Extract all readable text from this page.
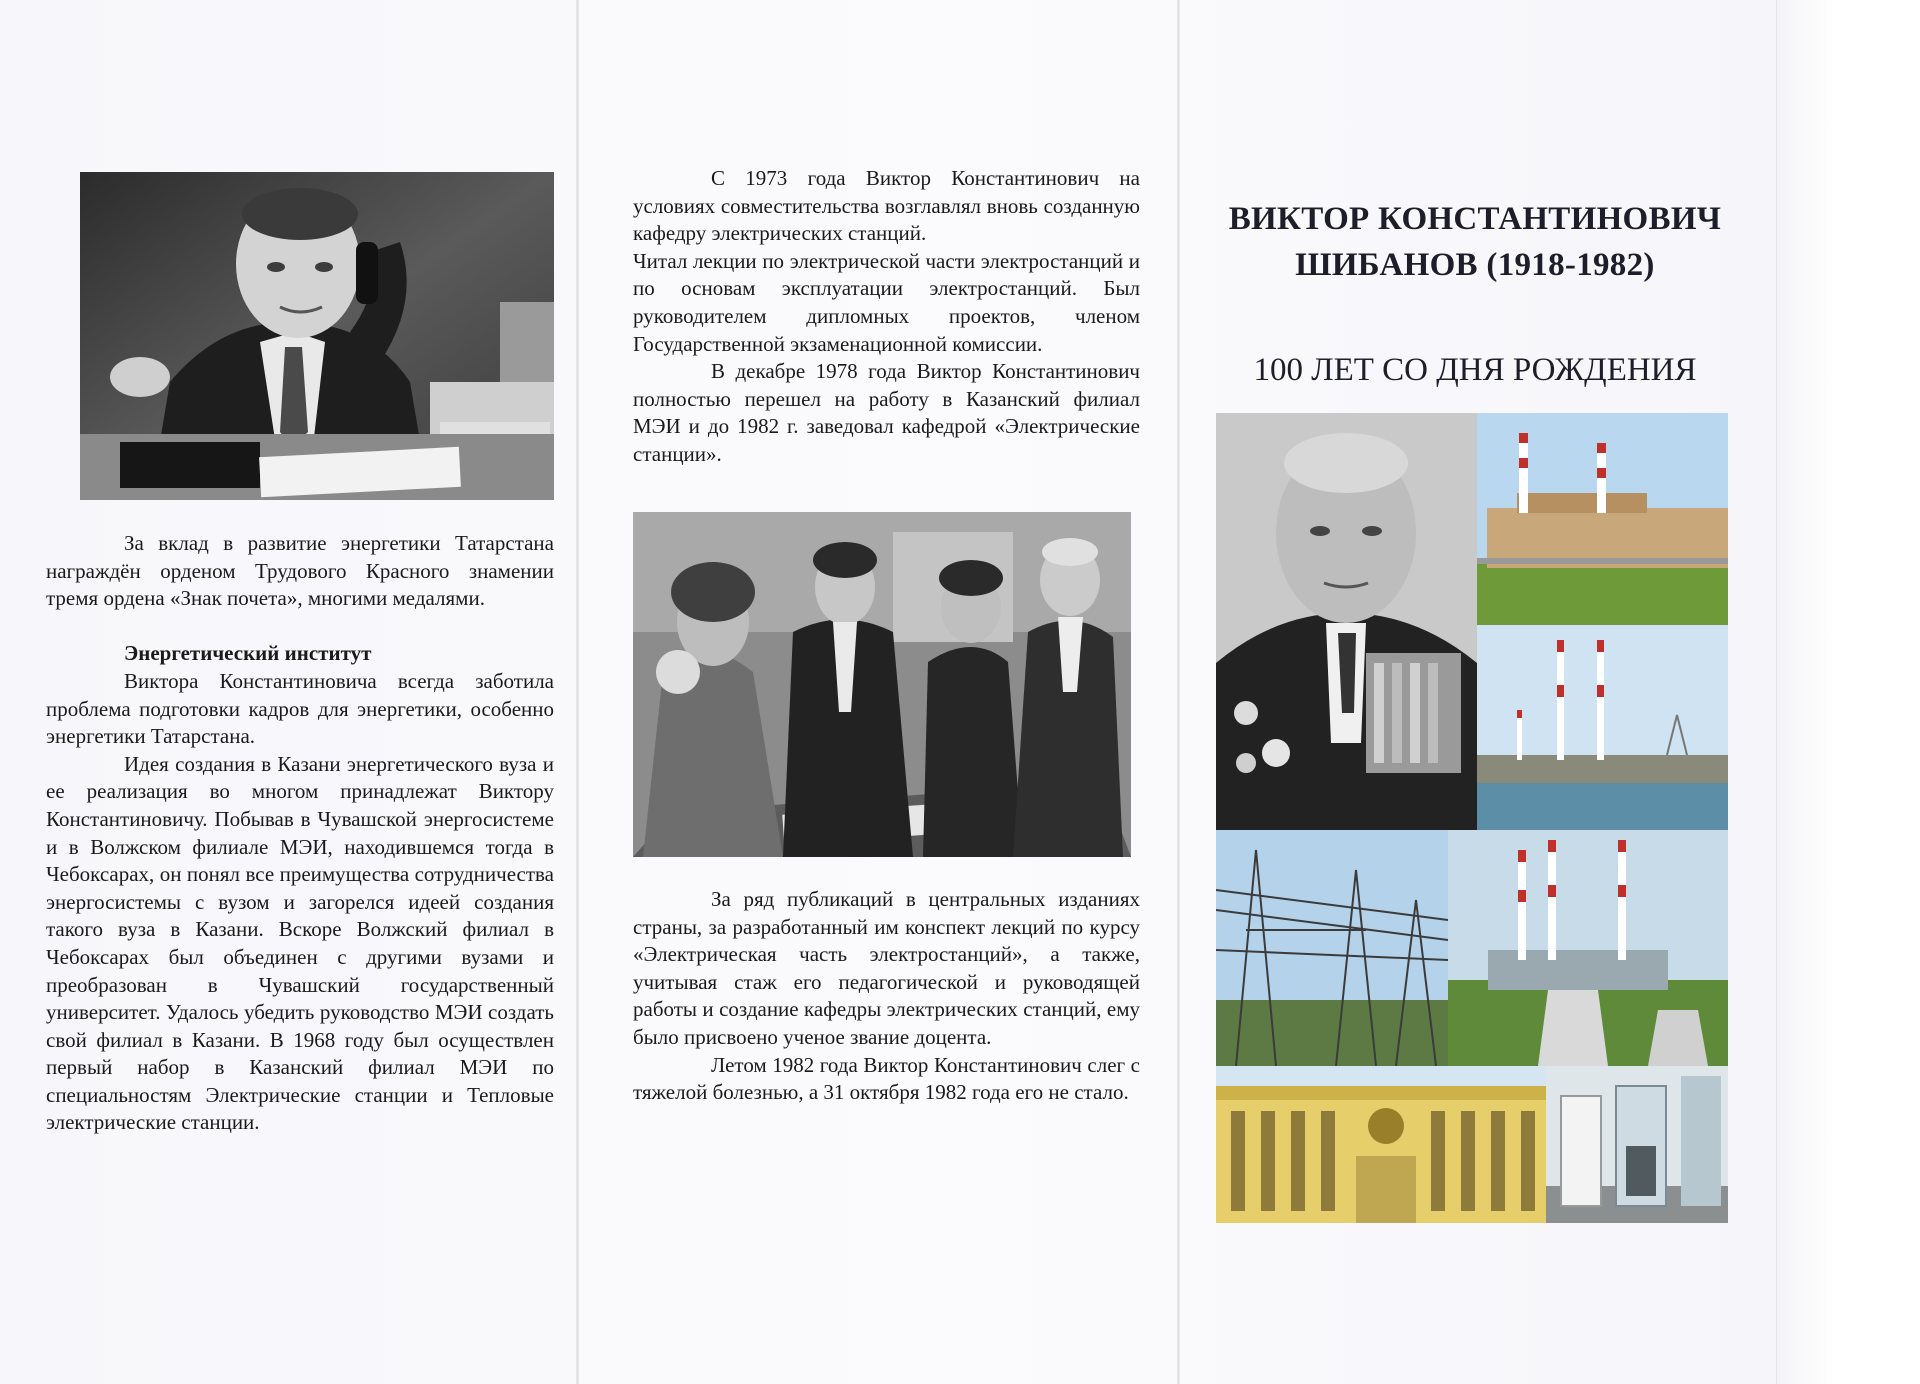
За вклад в развитие энергетики Татарстана награждён орденом Трудового Красного знамении тремя ордена «Знак почета», многими медалями.

Энергетический институт

Виктора Константиновича всегда заботила проблема подготовки кадров для энергетики, особенно энергетики Татарстана.

Идея создания в Казани энергетического вуза и ее реализация во многом принадлежат Виктору Константиновичу. Побывав в Чувашской энергосистеме и в Волжском филиале МЭИ, находившемся тогда в Чебоксарах, он понял все преимущества сотрудничества энергосистемы с вузом и загорелся идеей создания такого вуза в Казани. Вскоре Волжский филиал в Чебоксарах был объединен с другими вузами и преобразован в Чувашский государственный университет. Удалось убедить руководство МЭИ создать свой филиал в Казани. В 1968 году был осуществлен первый набор в Казанский филиал МЭИ по специальностям Электрические станции и Тепловые электрические станции.

С 1973 года Виктор Константинович на условиях совместительства возглавлял вновь созданную кафедру электрических станций.

Читал лекции по электрической части электростанций и по основам эксплуатации электростанций. Был руководителем дипломных проектов, членом Государственной экзаменационной комиссии.

В декабре 1978 года Виктор Константинович полностью перешел на работу в Казанский филиал МЭИ и до 1982 г. заведовал кафедрой «Электрические станции».

За ряд публикаций в центральных изданиях страны, за разработанный им конспект лекций по курсу «Электрическая часть электростанций», а также, учитывая стаж его педагогической и руководящей работы и создание кафедры электрических станций, ему было присвоено ученое звание доцента.

Летом 1982 года Виктор Константинович слег с тяжелой болезнью, а 31 октября 1982 года его не стало.

ВИКТОР КОНСТАНТИНОВИЧ ШИБАНОВ (1918-1982)
100 ЛЕТ СО ДНЯ РОЖДЕНИЯ
